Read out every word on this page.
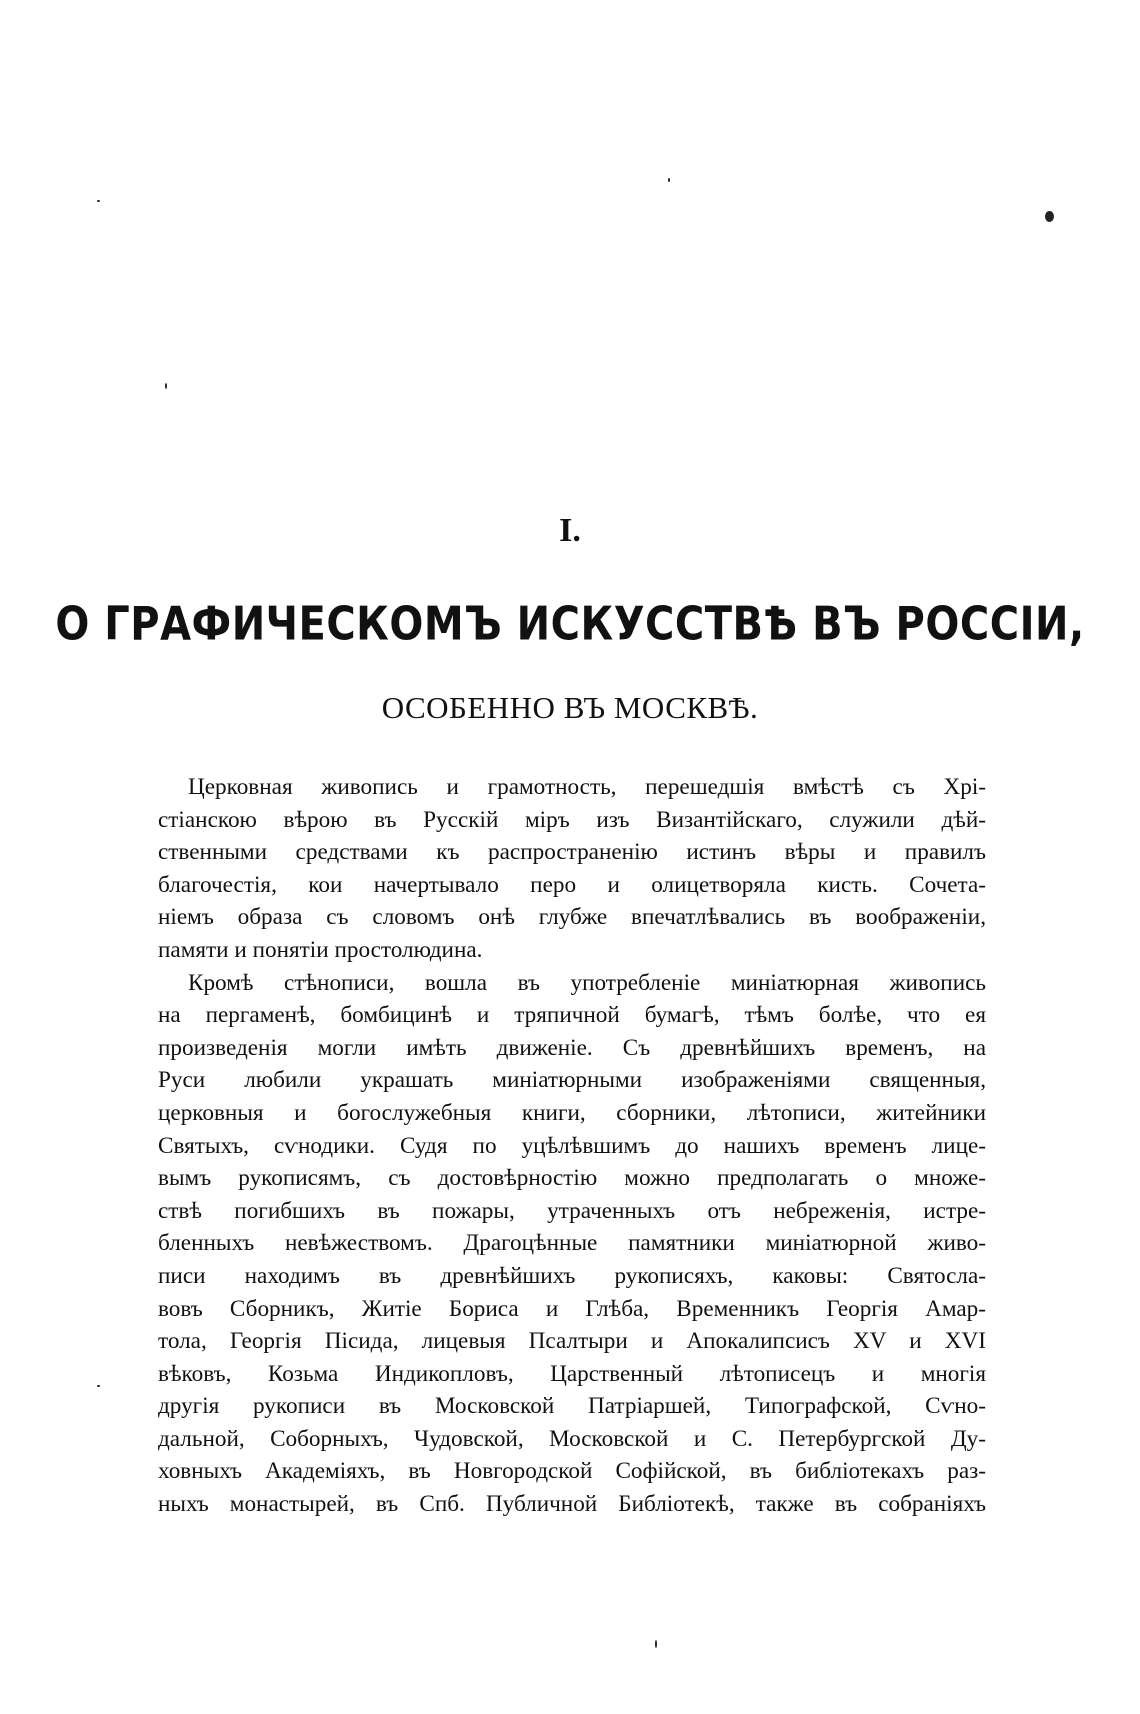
I.
О ГРАФИЧЕСКОМЪ ИСКУССТВѢ ВЪ РОССІИ,
ОСОБЕННО ВЪ МОСКВѢ.
Церковная живопись и грамотность, перешедшія вмѣстѣ съ Хрі-
стіанскою вѣрою въ Русскій міръ изъ Византійскаго, служили дѣй-
ственными средствами къ распространенію истинъ вѣры и правилъ
благочестія, кои начертывало перо и олицетворяла кисть. Сочета-
ніемъ образа съ словомъ онѣ глубже впечатлѣвались въ воображеніи,
памяти и понятіи простолюдина.
Кромѣ стѣнописи, вошла въ употребленіе миніатюрная живопись
на пергаменѣ, бомбицинѣ и тряпичной бумагѣ, тѣмъ болѣе, что ея
произведенія могли имѣть движеніе. Съ древнѣйшихъ временъ, на
Руси любили украшать миніатюрными изображеніями священныя,
церковныя и богослужебныя книги, сборники, лѣтописи, житейники
Святыхъ, сѵнодики. Судя по уцѣлѣвшимъ до нашихъ временъ лице-
вымъ рукописямъ, съ достовѣрностію можно предполагать о множе-
ствѣ погибшихъ въ пожары, утраченныхъ отъ небреженія, истре-
бленныхъ невѣжествомъ. Драгоцѣнные памятники миніатюрной живо-
писи находимъ въ древнѣйшихъ рукописяхъ, каковы: Святосла-
вовъ Сборникъ, Житіе Бориса и Глѣба, Временникъ Георгія Амар-
тола, Георгія Пісида, лицевыя Псалтыри и Апокалипсисъ XV и XVI
вѣковъ, Козьма Индикопловъ, Царственный лѣтописецъ и многія
другія рукописи въ Московской Патріаршей, Типографской, Сѵно-
дальной, Соборныхъ, Чудовской, Московской и С. Петербургской Ду-
ховныхъ Академіяхъ, въ Новгородской Софійской, въ библіотекахъ раз-
ныхъ монастырей, въ Спб. Публичной Библіотекѣ, также въ собраніяхъ
